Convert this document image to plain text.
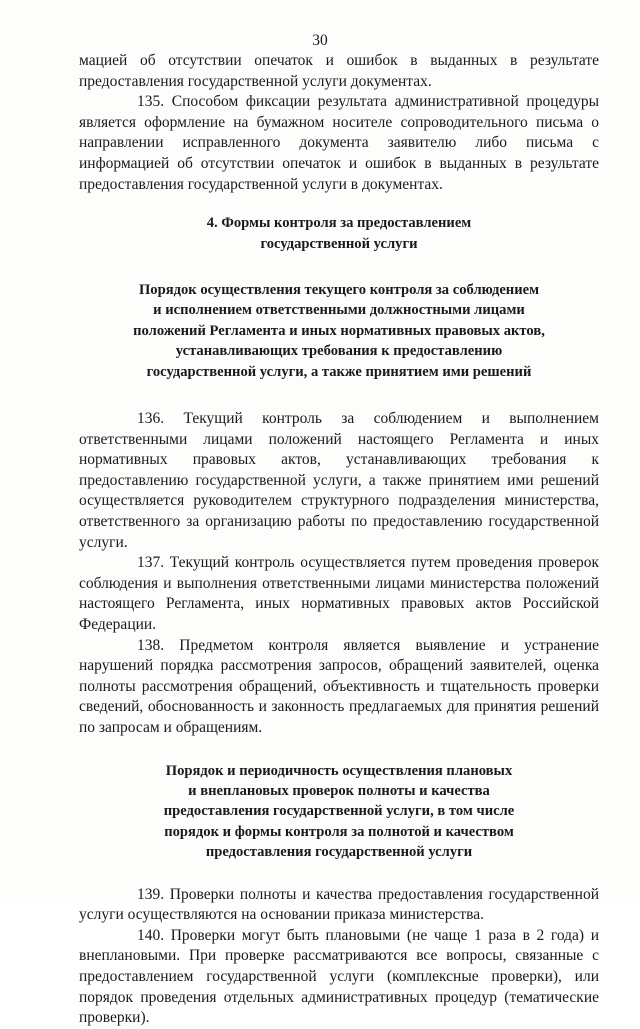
30

мацией об отсутствии опечаток и ошибок в выданных в результате предоставления государственной услуги документах.

135. Способом фиксации результата административной процедуры является оформление на бумажном носителе сопроводительного письма о направлении исправленного документа заявителю либо письма с информацией об отсутствии опечаток и ошибок в выданных в результате предоставления государственной услуги в документах.

4. Формы контроля за предоставлением
государственной услуги
Порядок осуществления текущего контроля за соблюдением
и исполнением ответственными должностными лицами
положений Регламента и иных нормативных правовых актов,
устанавливающих требования к предоставлению
государственной услуги, а также принятием ими решений

136. Текущий контроль за соблюдением и выполнением ответственными лицами положений настоящего Регламента и иных нормативных правовых актов, устанавливающих требования к предоставлению государственной услуги, а также принятием ими решений осуществляется руководителем структурного подразделения министерства, ответственного за организацию работы по предоставлению государственной услуги.

137. Текущий контроль осуществляется путем проведения проверок соблюдения и выполнения ответственными лицами министерства положений настоящего Регламента, иных нормативных правовых актов Российской Федерации.

138. Предметом контроля является выявление и устранение нарушений порядка рассмотрения запросов, обращений заявителей, оценка полноты рассмотрения обращений, объективность и тщательность проверки сведений, обоснованность и законность предлагаемых для принятия решений по запросам и обращениям.

Порядок и периодичность осуществления плановых
и внеплановых проверок полноты и качества
предоставления государственной услуги, в том числе
порядок и формы контроля за полнотой и качеством
предоставления государственной услуги

139. Проверки полноты и качества предоставления государственной услуги осуществляются на основании приказа министерства.

140. Проверки могут быть плановыми (не чаще 1 раза в 2 года) и внеплановыми. При проверке рассматриваются все вопросы, связанные с предоставлением государственной услуги (комплексные проверки), или порядок проведения отдельных административных процедур (тематические проверки).
